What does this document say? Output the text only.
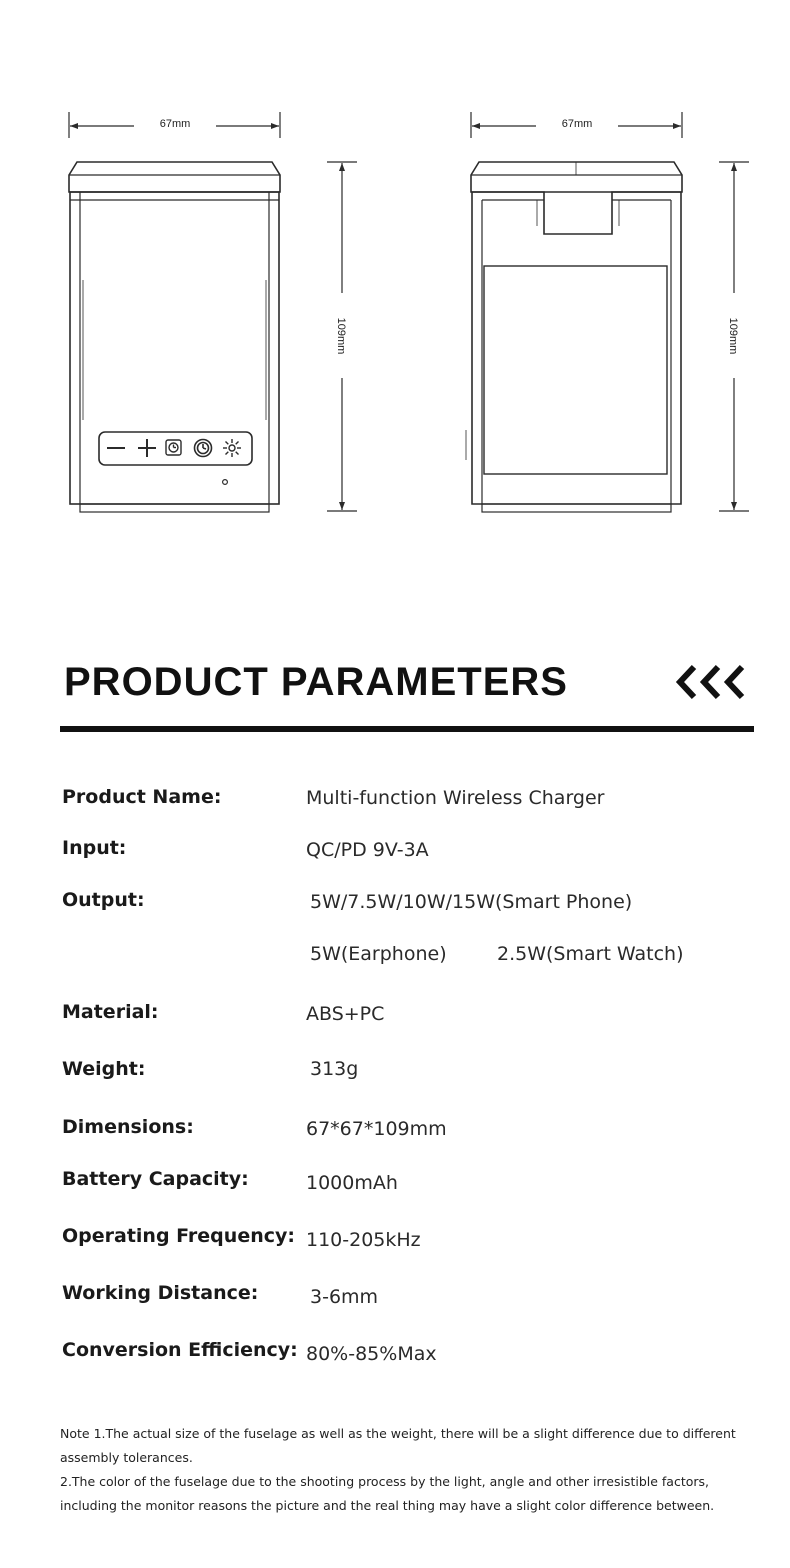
67mm	67mm
109mm	109mm
PRODUCT PARAMETERS
Product Name:	Multi-function Wireless Charger
Input:	QC/PD 9V-3A
Output:	5W/7.5W/10W/15W(Smart Phone)
5W(Earphone)	2.5W(Smart Watch)
Material:	ABS+PC
Weight:	313g
Dimensions:	67*67*109mm
Battery Capacity:	1000mAh
Operating Frequency: 110-205kHz
Working Distance:	3-6mm
Conversion Efficiency: 80%-85%Max

Note 1.The actual size of the fuselage as well as the weight, there will be a slight difference due to different assembly tolerances.

2.The color of the fuselage due to the shooting process by the light, angle and other irresistible factors, including the monitor reasons the picture and the real thing may have a slight color difference between.
